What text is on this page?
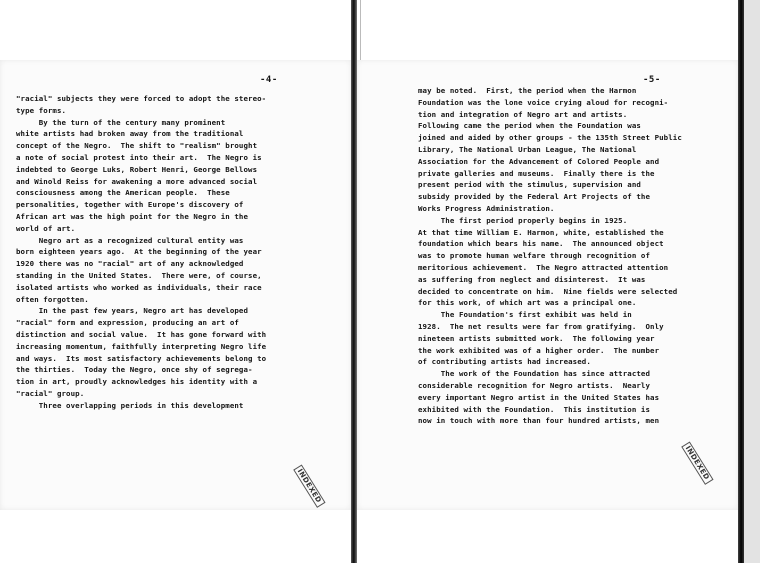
-4-
"racial" subjects they were forced to adopt the stereo-
type forms.
By the turn of the century many prominent
white artists had broken away from the traditional
concept of the Negro.  The shift to "realism" brought
a note of social protest into their art.  The Negro is
indebted to George Luks, Robert Henri, George Bellows
and Winold Reiss for awakening a more advanced social
consciousness among the American people.  These
personalities, together with Europe's discovery of
African art was the high point for the Negro in the
world of art.
Negro art as a recognized cultural entity was
born eighteen years ago.  At the beginning of the year
1920 there was no "racial" art of any acknowledged
standing in the United States.  There were, of course,
isolated artists who worked as individuals, their race
often forgotten.
In the past few years, Negro art has developed
"racial" form and expression, producing an art of
distinction and social value.  It has gone forward with
increasing momentum, faithfully interpreting Negro life
and ways.  Its most satisfactory achievements belong to
the thirties.  Today the Negro, once shy of segrega-
tion in art, proudly acknowledges his identity with a
"racial" group.
Three overlapping periods in this development
INDEXED
-5-
may be noted.  First, the period when the Harmon
Foundation was the lone voice crying aloud for recogni-
tion and integration of Negro art and artists.
Following came the period when the Foundation was
joined and aided by other groups - the 135th Street Public
Library, The National Urban League, The National
Association for the Advancement of Colored People and
private galleries and museums.  Finally there is the
present period with the stimulus, supervision and
subsidy provided by the Federal Art Projects of the
Works Progress Administration.
The first period properly begins in 1925.
At that time William E. Harmon, white, established the
foundation which bears his name.  The announced object
was to promote human welfare through recognition of
meritorious achievement.  The Negro attracted attention
as suffering from neglect and disinterest.  It was
decided to concentrate on him.  Nine fields were selected
for this work, of which art was a principal one.
The Foundation's first exhibit was held in
1928.  The net results were far from gratifying.  Only
nineteen artists submitted work.  The following year
the work exhibited was of a higher order.  The number
of contributing artists had increased.
The work of the Foundation has since attracted
considerable recognition for Negro artists.  Nearly
every important Negro artist in the United States has
exhibited with the Foundation.  This institution is
now in touch with more than four hundred artists, men
INDEXED
